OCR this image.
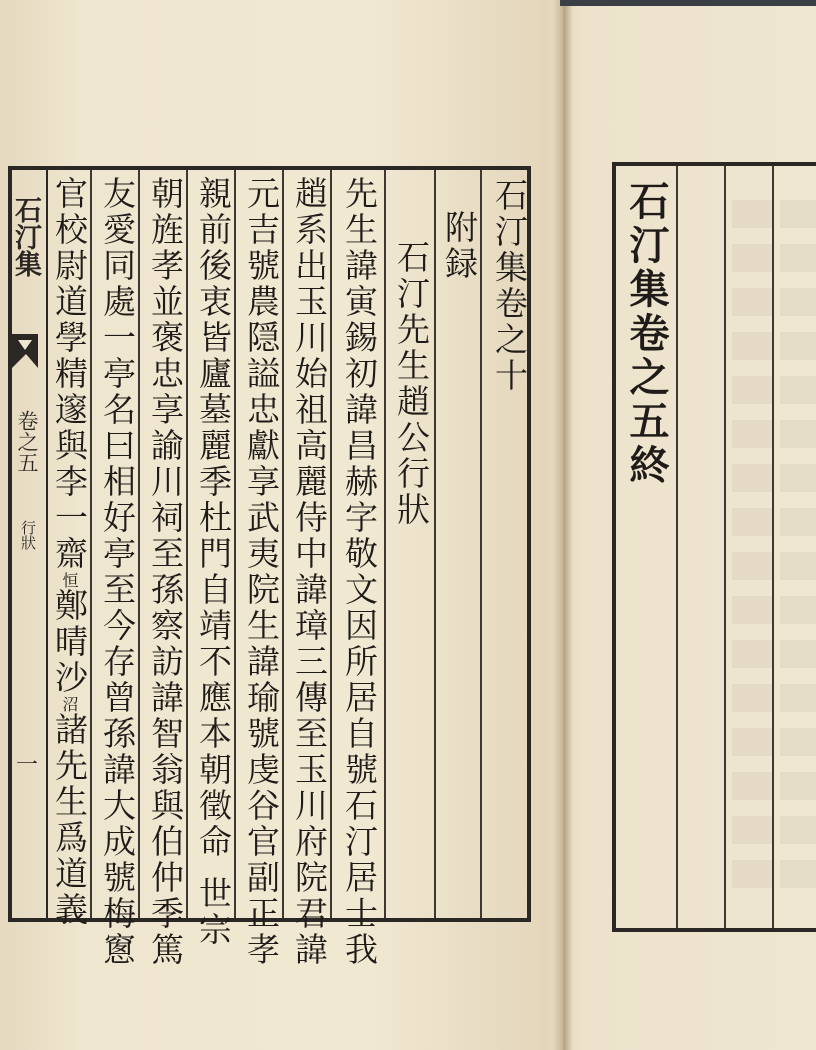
石汀集
卷之五
行狀
一
石汀集卷之十
附録
石汀先生趙公行狀
先生諱寅錫初諱昌赫字敬文因所居自號石汀居士我
趙系出玉川始祖高麗侍中諱璋三傳至玉川府院君諱
元吉號農隠謚忠獻享武夷院生諱瑜號虔谷官副正孝
親前後衷皆廬墓麗季杜門自靖不應本朝徵命世宗
朝旌孝並褒忠享諭川祠至孫察訪諱智翁與伯仲季篤
友愛同處一亭名曰相好亭至今存曾孫諱大成號梅窻
官校尉道學精邃與李一齋恒鄭晴沙沼諸先生爲道義
石汀集卷之五終
